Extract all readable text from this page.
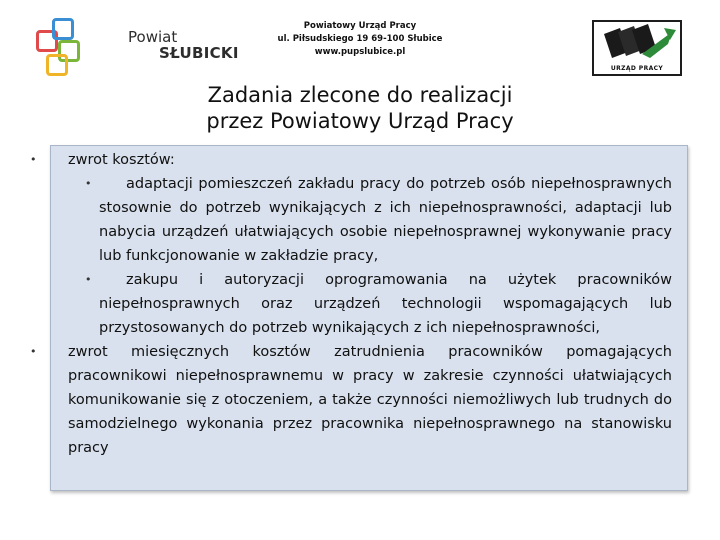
Powiat
SŁUBICKI
Powiatowy Urząd Pracy
ul. Piłsudskiego 19 69-100 Słubice
www.pupslubice.pl
URZĄD PRACY
Zadania zlecone do realizacji
przez Powiatowy Urząd Pracy
• zwrot kosztów:
•	adaptacji pomieszczeń zakładu pracy do potrzeb osób niepełnosprawnych stosownie do potrzeb wynikających z ich niepełnosprawności, adaptacji lub nabycia urządzeń ułatwiających osobie niepełnosprawnej wykonywanie pracy lub funkcjonowanie w zakładzie pracy,
•	zakupu i autoryzacji oprogramowania na użytek pracowników niepełnosprawnych oraz urządzeń technologii wspomagających lub przystosowanych do potrzeb wynikających z ich niepełnosprawności,
• zwrot miesięcznych kosztów zatrudnienia pracowników pomagających pracownikowi niepełnosprawnemu w pracy w zakresie czynności ułatwiających komunikowanie się z otoczeniem, a także czynności niemożliwych lub trudnych do samodzielnego wykonania przez pracownika niepełnosprawnego na stanowisku pracy
